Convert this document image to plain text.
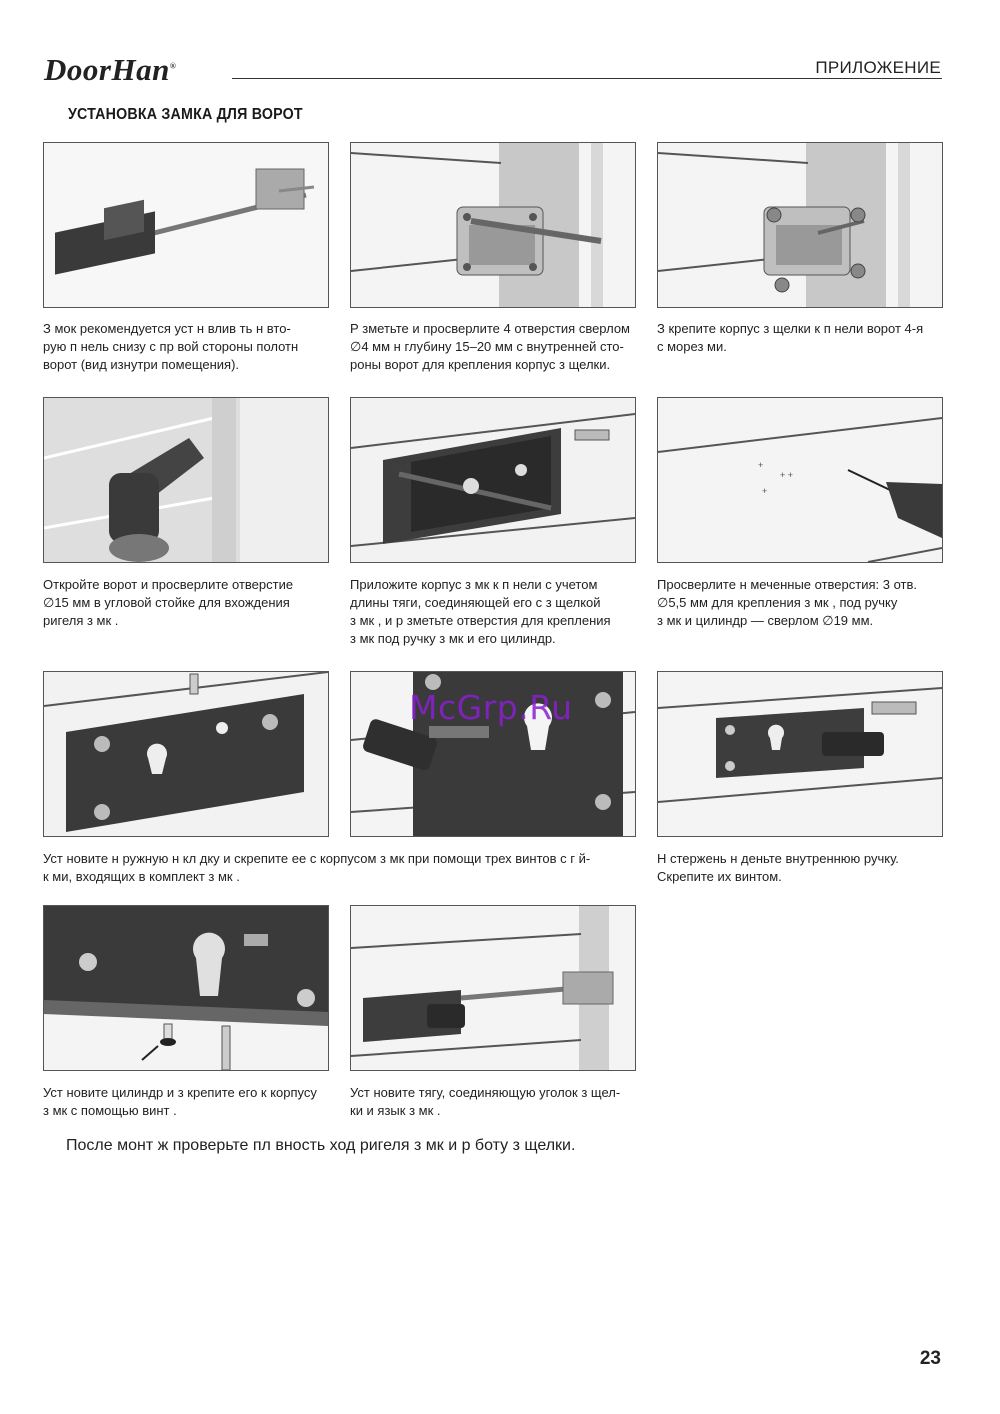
DoorHan®	ПРИЛОЖЕНИЕ
УСТАНОВКА ЗАМКА ДЛЯ ВОРОТ
З мок рекомендуется уст н влив ть н вто-
рую п нель снизу с пр вой стороны полотн
ворот (вид изнутри помещения).
Р зметьте и просверлите 4 отверстия сверлом
∅4 мм н глубину 15–20 мм с внутренней сто-
роны ворот для крепления корпус з щелки.
З крепите корпус з щелки к п нели ворот 4-я
с морез ми.
+
+ +
+
Откройте ворот и просверлите отверстие
∅15 мм в угловой стойке для вхождения
ригеля з мк .
Приложите корпус з мк к п нели с учетом
длины тяги, соединяющей его с з щелкой
з мк , и р зметьте отверстия для крепления
з мк под ручку з мк и его цилиндр.
Просверлите н меченные отверстия: 3 отв.
∅5,5 мм для крепления з мк , под ручку
з мк и цилиндр — сверлом ∅19 мм.
Уст новите н ружную н кл дку и скрепите ее с корпусом з мк при помощи трех винтов с г й-
к ми, входящих в комплект з мк .
Н стержень н деньте внутреннюю ручку.
Скрепите их винтом.
Уст новите цилиндр и з крепите его к корпусу
з мк с помощью винт .
Уст новите тягу, соединяющую уголок з щел-
ки и язык з мк .
После монт ж проверьте пл вность ход ригеля з мк и р боту з щелки.
McGrp.Ru
23
